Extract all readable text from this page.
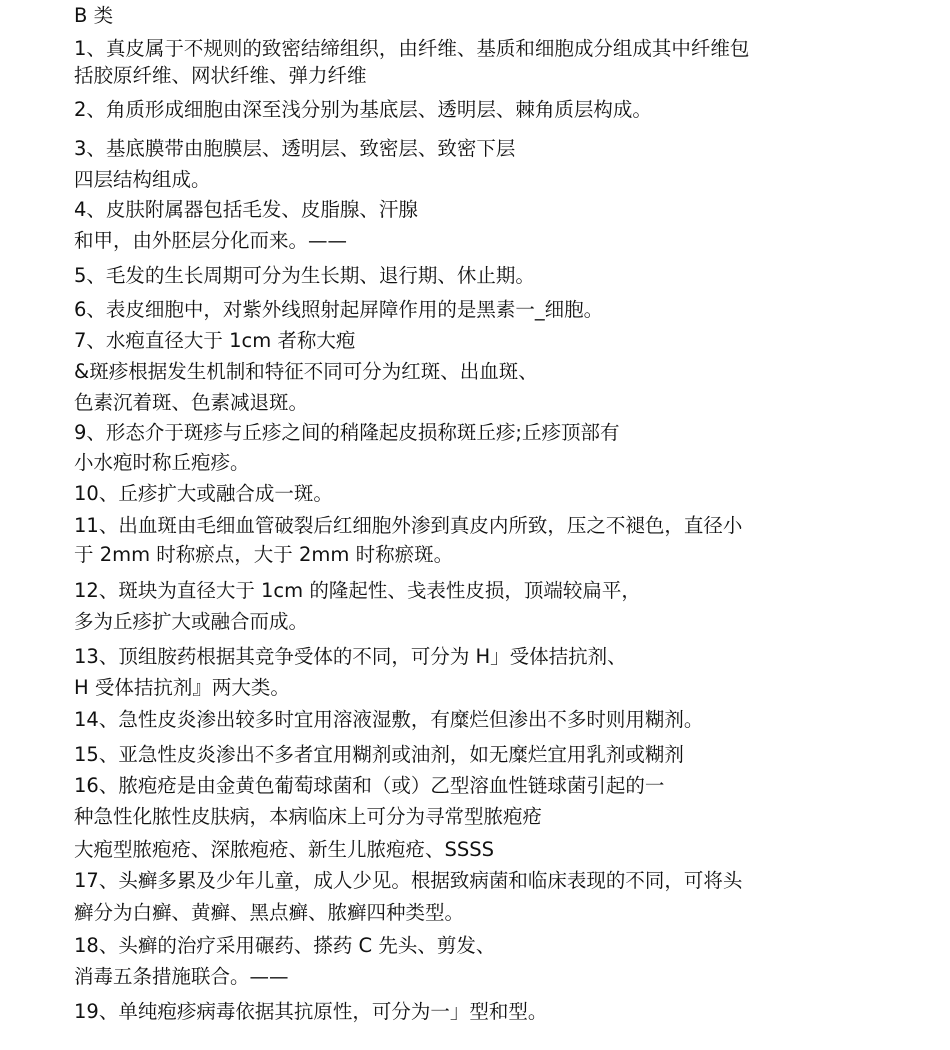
B 类
1、真皮属于不规则的致密结缔组织，由纤维、基质和细胞成分组成其中纤维包
括胶原纤维、网状纤维、弹力纤维
2、角质形成细胞由深至浅分别为基底层、透明层、棘角质层构成。
3、基底膜带由胞膜层、透明层、致密层、致密下层
四层结构组成。
4、皮肤附属器包括毛发、皮脂腺、汗腺
和甲，由外胚层分化而来。——
5、毛发的生长周期可分为生长期、退行期、休止期。
6、表皮细胞中，对紫外线照射起屏障作用的是黑素一_细胞。
7、水疱直径大于 1cm 者称大疱
&斑疹根据发生机制和特征不同可分为红斑、出血斑、
色素沉着斑、色素减退斑。
9、形态介于斑疹与丘疹之间的稍隆起皮损称斑丘疹;丘疹顶部有
小水疱时称丘疱疹。
10、丘疹扩大或融合成一斑。
11、出血斑由毛细血管破裂后红细胞外渗到真皮内所致，压之不褪色，直径小
于 2mm 时称瘀点，大于 2mm 时称瘀斑。
12、斑块为直径大于 1cm 的隆起性、戋表性皮损，顶端较扁平，
多为丘疹扩大或融合而成。
13、顶组胺药根据其竞争受体的不同，可分为 H」受体拮抗剂、
H 受体拮抗剂』两大类。
14、急性皮炎渗出较多时宜用溶液湿敷，有糜烂但渗出不多时则用糊剂。
15、亚急性皮炎渗出不多者宜用糊剂或油剂，如无糜烂宜用乳剂或糊剂
16、脓疱疮是由金黄色葡萄球菌和（或）乙型溶血性链球菌引起的一
种急性化脓性皮肤病，本病临床上可分为寻常型脓疱疮
大疱型脓疱疮、深脓疱疮、新生儿脓疱疮、SSSS
17、头癣多累及少年儿童，成人少见。根据致病菌和临床表现的不同，可将头
癣分为白癣、黄癣、黑点癣、脓癣四种类型。
18、头癣的治疗采用碾药、搽药 C 先头、剪发、
消毒五条措施联合。——
19、单纯疱疹病毒依据其抗原性，可分为一」型和型。
